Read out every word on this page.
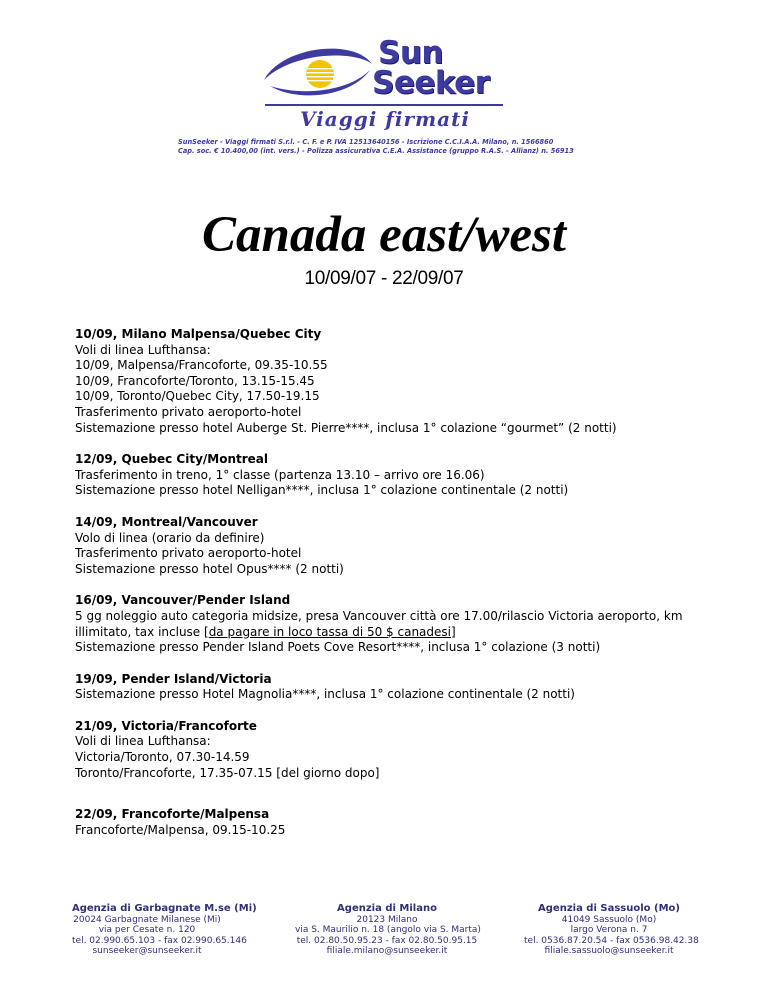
Sun
Seeker
Viaggi firmati
SunSeeker - Viaggi firmati S.r.l. - C. F. e P. IVA 12513640156 - Iscrizione C.C.I.A.A. Milano, n. 1566860
Cap. soc. € 10.400,00 (int. vers.) - Polizza assicurativa C.E.A. Assistance (gruppo R.A.S. - Allianz) n. 56913
Canada east/west
10/09/07 - 22/09/07
10/09, Milano Malpensa/Quebec City
Voli di linea Lufthansa:
10/09, Malpensa/Francoforte, 09.35-10.55
10/09, Francoforte/Toronto, 13.15-15.45
10/09, Toronto/Quebec City, 17.50-19.15
Trasferimento privato aeroporto-hotel
Sistemazione presso hotel Auberge St. Pierre****, inclusa 1° colazione “gourmet” (2 notti)
12/09, Quebec City/Montreal
Trasferimento in treno, 1° classe (partenza 13.10 – arrivo ore 16.06)
Sistemazione presso hotel Nelligan****, inclusa 1° colazione continentale (2 notti)
14/09, Montreal/Vancouver
Volo di linea (orario da definire)
Trasferimento privato aeroporto-hotel
Sistemazione presso hotel Opus**** (2 notti)
16/09, Vancouver/Pender Island
5 gg noleggio auto categoria midsize, presa Vancouver città ore 17.00/rilascio Victoria aeroporto, km illimitato, tax incluse [da pagare in loco tassa di 50 $ canadesi]
Sistemazione presso Pender Island Poets Cove Resort****, inclusa 1° colazione (3 notti)
19/09, Pender Island/Victoria
Sistemazione presso Hotel Magnolia****, inclusa 1° colazione continentale (2 notti)
21/09, Victoria/Francoforte
Voli di linea Lufthansa:
Victoria/Toronto, 07.30-14.59
Toronto/Francoforte, 17.35-07.15 [del giorno dopo]
22/09, Francoforte/Malpensa
Francoforte/Malpensa, 09.15-10.25
Agenzia di Garbagnate M.se (Mi)
20024 Garbagnate Milanese (Mi)
via per Cesate n. 120
tel. 02.990.65.103 - fax 02.990.65.146
sunseeker@sunseeker.it
Agenzia di Milano
20123 Milano
via S. Maurilio n. 18 (angolo via S. Marta)
tel. 02.80.50.95.23 - fax 02.80.50.95.15
filiale.milano@sunseeker.it
Agenzia di Sassuolo (Mo)
41049 Sassuolo (Mo)
largo Verona n. 7
tel. 0536.87.20.54 - fax 0536.98.42.38
filiale.sassuolo@sunseeker.it
